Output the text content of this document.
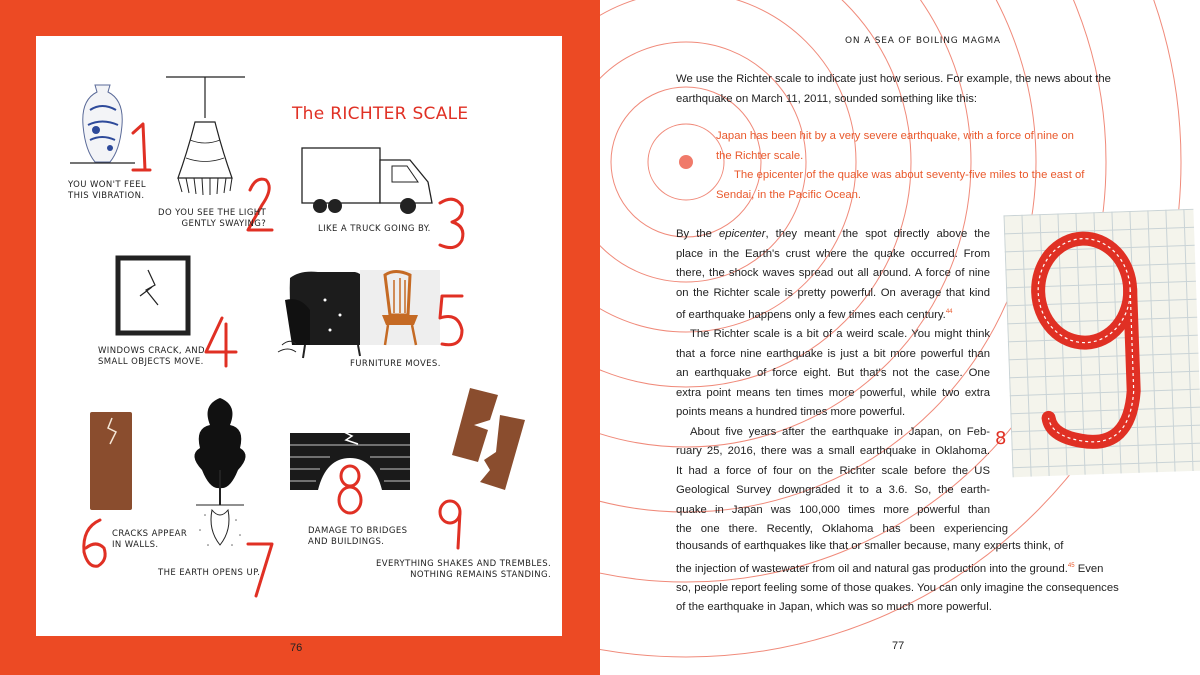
76
The RICHTER SCALE
YOU WON'T FEEL
THIS VIBRATION.
DO YOU SEE THE LIGHT
GENTLY SWAYING?	LIKE A TRUCK GOING BY.
WINDOWS CRACK, AND
SMALL OBJECTS MOVE.	FURNITURE MOVES.
CRACKS APPEAR
IN WALLS.
THE EARTH OPENS UP.
DAMAGE TO BRIDGES
AND BUILDINGS.
EVERYTHING SHAKES AND TREMBLES.
NOTHING REMAINS STANDING.
ON A SEA OF BOILING MAGMA
We use the Richter scale to indicate just how serious. For example, the news about the
earthquake on March 11, 2011, sounded something like this:
Japan has been hit by a very severe earthquake, with a force of nine on
the Richter scale.
The epicenter of the quake was about seventy-five miles to the east of
Sendai, in the Pacific Ocean.
8
By the epicenter, they meant the spot directly above the
place in the Earth's crust where the quake occurred. From
there, the shock waves spread out all around. A force of nine
on the Richter scale is pretty powerful. On average that kind
of earthquake happens only a few times each century.$^{44}$
The Richter scale is a bit of a weird scale. You might think
that a force nine earthquake is just a bit more powerful than
an earthquake of force eight. But that's not the case. One
extra point means ten times more powerful, while two extra
points means a hundred times more powerful.
About five years after the earthquake in Japan, on Feb-
ruary 25, 2016, there was a small earthquake in Oklahoma.
It had a force of four on the Richter scale before the US
Geological Survey downgraded it to a 3.6. So, the earth-
quake in Japan was 100,000 times more powerful than
the one there. Recently, Oklahoma has been experiencing
thousands of earthquakes like that or smaller because, many experts think, of
the injection of wastewater from oil and natural gas production into the ground.$^{45}$ Even
so, people report feeling some of those quakes. You can only imagine the consequences
of the earthquake in Japan, which was so much more powerful.
77
